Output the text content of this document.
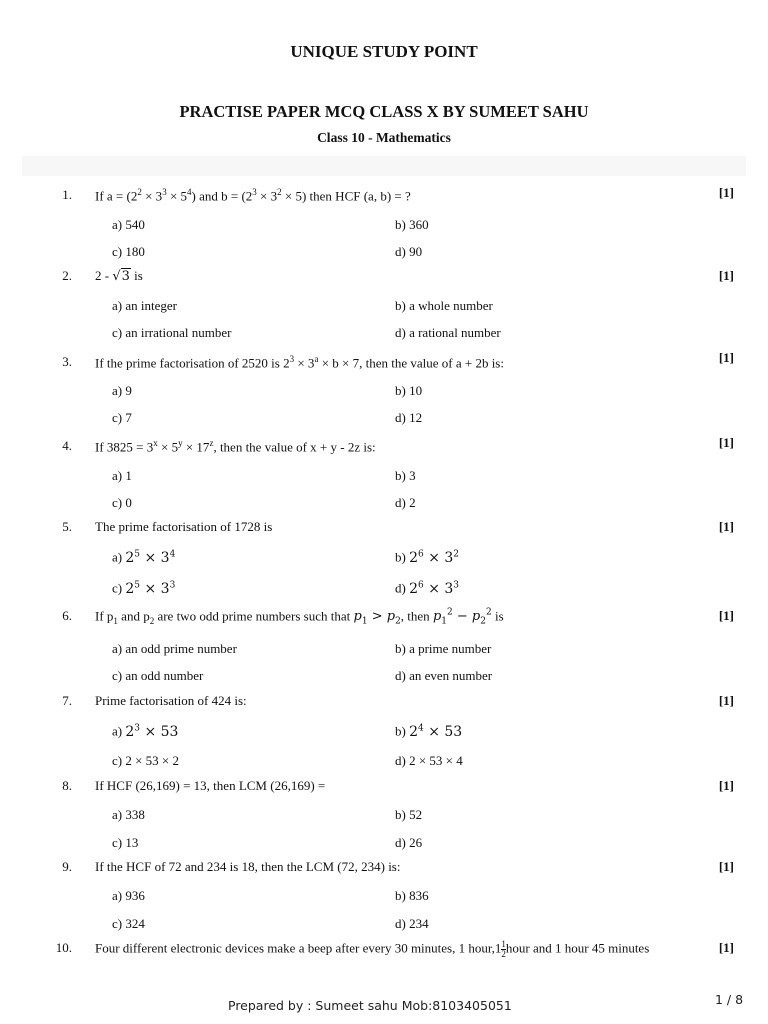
UNIQUE STUDY POINT
PRACTISE PAPER MCQ CLASS X BY SUMEET SAHU
Class 10 - Mathematics
1. If $a = (2^2 \times 3^3 \times 5^4)$ and $b = (2^3 \times 3^2 \times 5)$ then HCF (a, b) = ?	[1]
a) 540	b) 360
c) 180	d) 90
2. 2 - √3 is	[1]
a) an integer	b) a whole number
c) an irrational number	d) a rational number
3. If the prime factorisation of 2520 is $2^3 \times 3^a \times b \times 7$, then the value of a + 2b is:	[1]
a) 9	b) 10
c) 7	d) 12
4. If $3825 = 3^x \times 5^y \times 17^z$, then the value of x + y - 2z is:	[1]
a) 1	b) 3
c) 0	d) 2
5. The prime factorisation of 1728 is	[1]
a) $2^5 \times 3^4$	b) $2^6 \times 3^2$
c) $2^5 \times 3^3$	d) $2^6 \times 3^3$
6. If $p_1$ and $p_2$ are two odd prime numbers such that $p_1 > p_2$, then $p_1^2 - p_2^2$ is	[1]
a) an odd prime number	b) a prime number
c) an odd number	d) an even number
7. Prime factorisation of 424 is:	[1]
a) $2^3 \times 53$	b) $2^4 \times 53$
c) 2 × 53 × 2	d) 2 × 53 × 4
8. If HCF (26,169) = 13, then LCM (26,169) =	[1]
a) 338	b) 52
c) 13	d) 26
9. If the HCF of 72 and 234 is 18, then the LCM (72, 234) is:	[1]
a) 936	b) 836
c) 324	d) 234
10. Four different electronic devices make a beep after every 30 minutes, 1 hour,1 $\frac{1}{2}$ hour and 1 hour 45 minutes	[1]
Prepared by : Sumeet sahu Mob:8103405051	1 / 8
